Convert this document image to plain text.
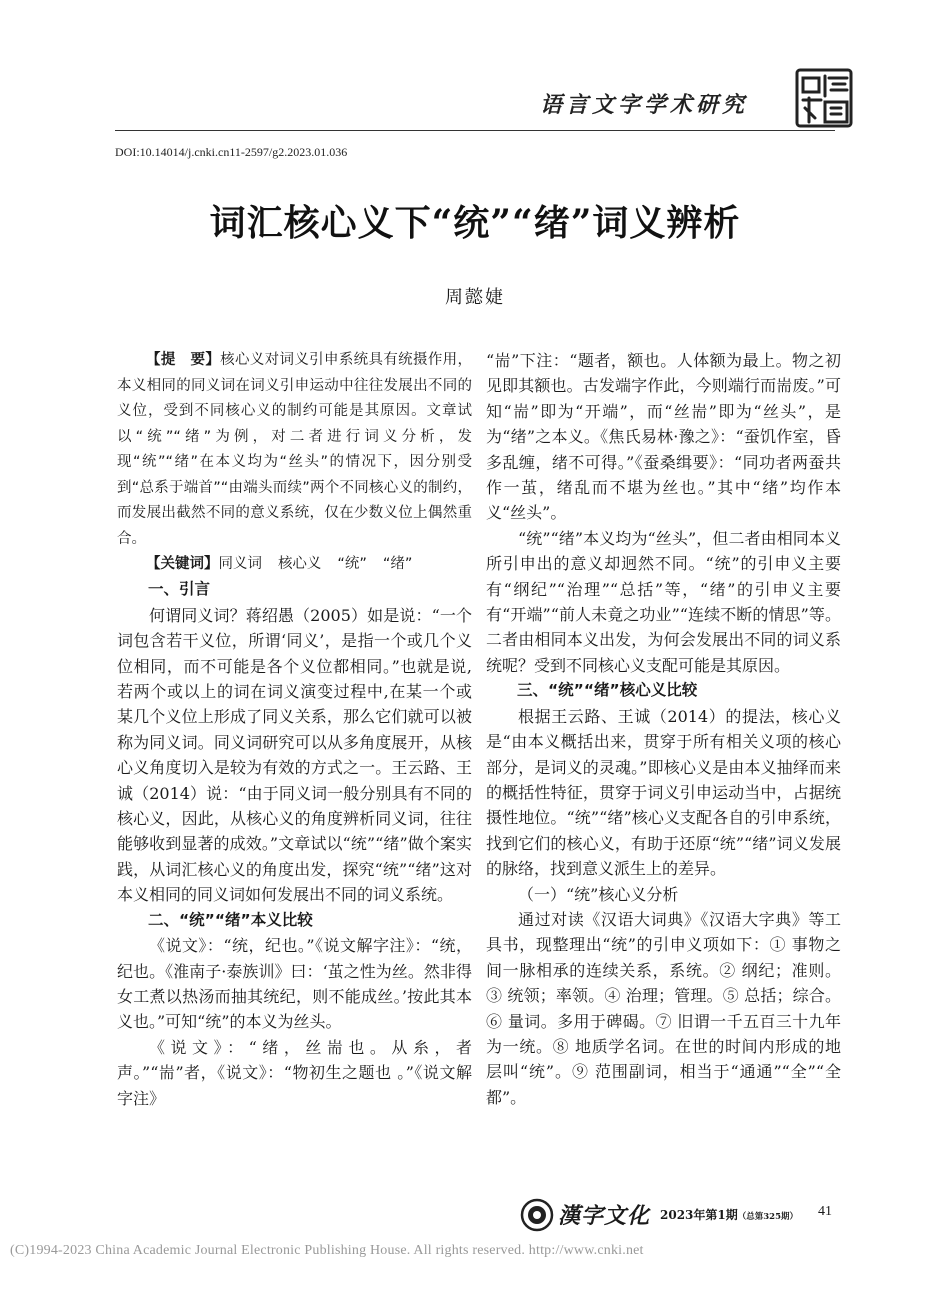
语言文字学术研究
DOI:10.14014/j.cnki.cn11-2597/g2.2023.01.036
词汇核心义下“统”“绪”词义辨析
周懿婕

【提　要】核心义对词义引申系统具有统摄作用，本义相同的同义词在词义引申运动中往往发展出不同的义位，受到不同核心义的制约可能是其原因。文章试以“统”“绪”为例，对二者进行词义分析，发现“统”“绪”在本义均为“丝头”的情况下，因分别受到“总系于端首”“由端头而续”两个不同核心义的制约，而发展出截然不同的意义系统，仅在少数义位上偶然重合。

【关键词】同义词 核心义 “统” “绪”

一、引言

何谓同义词？蒋绍愚（2005）如是说：“一个词包含若干义位，所谓‘同义’，是指一个或几个义位相同，而不可能是各个义位都相同。”也就是说,若两个或以上的词在词义演变过程中,在某一个或某几个义位上形成了同义关系，那么它们就可以被称为同义词。同义词研究可以从多角度展开，从核心义角度切入是较为有效的方式之一。王云路、王诚（2014）说：“由于同义词一般分别具有不同的核心义，因此，从核心义的角度辨析同义词，往往能够收到显著的成效。”文章试以“统”“绪”做个案实践，从词汇核心义的角度出发，探究“统”“绪”这对本义相同的同义词如何发展出不同的词义系统。

二、“统”“绪”本义比较

《说文》：“统，纪也。”《说文解字注》：“统，纪也。《淮南子·泰族训》曰：‘茧之性为丝。然非得女工煮以热汤而抽其统纪，则不能成丝。’按此其本义也。”可知“统”的本义为丝头。

《说文》：“绪，丝耑也。从糸，者声。”“耑”者，《说文》：“物初生之题也 。”《说文解字注》

“耑”下注：“题者，额也。人体额为最上。物之初见即其额也。古发端字作此，今则端行而耑废。”可知“耑”即为“开端”，而“丝耑”即为“丝头”，是为“绪”之本义。《焦氏易林·豫之》：“蚕饥作室，昏多乱缠，绪不可得。”《蚕桑缉要》：“同功者两蚕共作一茧，绪乱而不堪为丝也。”其中“绪”均作本义“丝头”。

“统”“绪”本义均为“丝头”，但二者由相同本义所引申出的意义却迥然不同。“统”的引申义主要有“纲纪”“治理”“总括”等，“绪”的引申义主要有“开端”“前人未竟之功业”“连续不断的情思”等。二者由相同本义出发，为何会发展出不同的词义系统呢？受到不同核心义支配可能是其原因。

三、“统”“绪”核心义比较

根据王云路、王诚（2014）的提法，核心义是“由本义概括出来，贯穿于所有相关义项的核心部分，是词义的灵魂。”即核心义是由本义抽绎而来的概括性特征，贯穿于词义引申运动当中，占据统摄性地位。“统”“绪”核心义支配各自的引申系统，找到它们的核心义，有助于还原“统”“绪”词义发展的脉络，找到意义派生上的差异。

（一）“统”核心义分析

通过对读《汉语大词典》《汉语大字典》等工具书，现整理出“统”的引申义项如下：① 事物之间一脉相承的连续关系，系统。② 纲纪；准则。③ 统领；率领。④ 治理；管理。⑤ 总括；综合。⑥ 量词。多用于碑碣。⑦ 旧谓一千五百三十九年为一统。⑧ 地质学名词。在世的时间内形成的地层叫“统”。⑨ 范围副词，相当于“通通”“全”“全都”。

漢字文化 2023年第1期（总第325期） 41
(C)1994-2023 China Academic Journal Electronic Publishing House. All rights reserved. http://www.cnki.net
